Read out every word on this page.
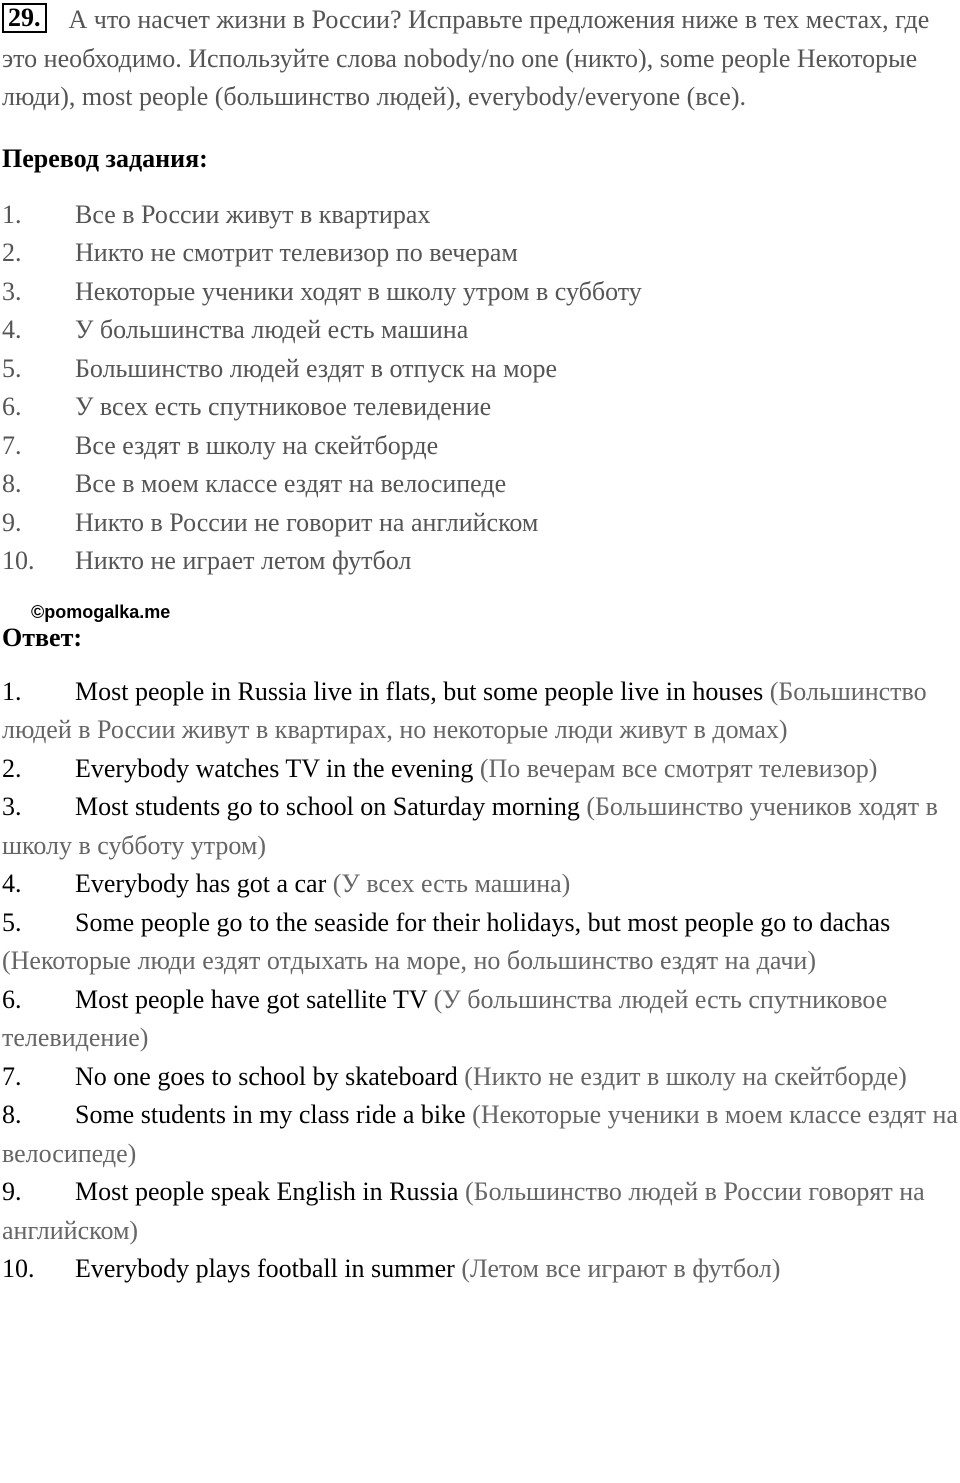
29. А что насчет жизни в России? Исправьте предложения ниже в тех местах, где это необходимо. Используйте слова nobody/no one (никто), some people Некоторые люди), most people (большинство людей), everybody/everyone (все).
Перевод задания:
1. Все в России живут в квартирах
2. Никто не смотрит телевизор по вечерам
3. Некоторые ученики ходят в школу утром в субботу
4. У большинства людей есть машина
5. Большинство людей ездят в отпуск на море
6. У всех есть спутниковое телевидение
7. Все ездят в школу на скейтборде
8. Все в моем классе ездят на велосипеде
9. Никто в России не говорит на английском
10. Никто не играет летом футбол
©pomogalka.me
Ответ:
1. Most people in Russia live in flats, but some people live in houses (Большинство людей в России живут в квартирах, но некоторые люди живут в домах)
2. Everybody watches TV in the evening (По вечерам все смотрят телевизор)
3. Most students go to school on Saturday morning (Большинство учеников ходят в школу в субботу утром)
4. Everybody has got a car (У всех есть машина)
5. Some people go to the seaside for their holidays, but most people go to dachas (Некоторые люди ездят отдыхать на море, но большинство ездят на дачи)
6. Most people have got satellite TV (У большинства людей есть спутниковое телевидение)
7. No one goes to school by skateboard (Никто не ездит в школу на скейтборде)
8. Some students in my class ride a bike (Некоторые ученики в моем классе ездят на велосипеде)
9. Most people speak English in Russia (Большинство людей в России говорят на английском)
10. Everybody plays football in summer (Летом все играют в футбол)
